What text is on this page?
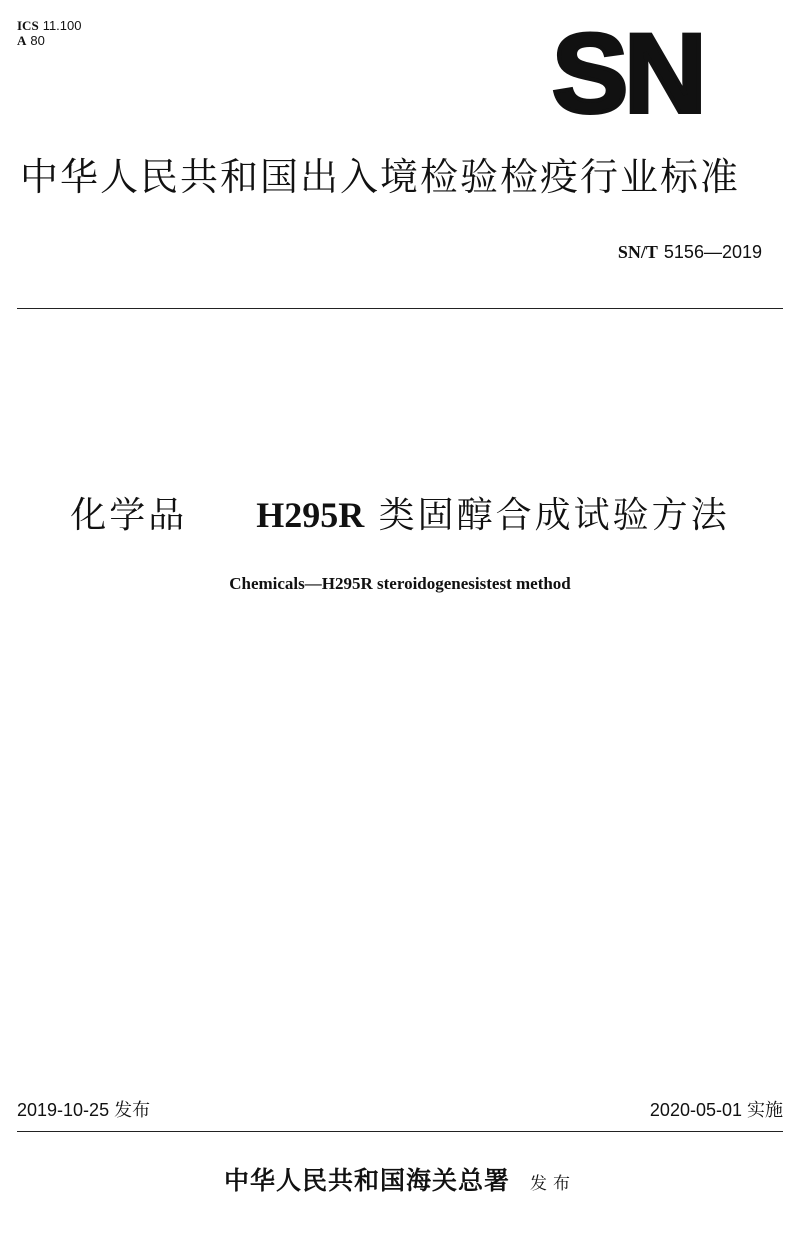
ICS 11.100
A 80	SN
中华人民共和国出入境检验检疫行业标准
SN/T 5156—2019
化学品 H295R 类固醇合成试验方法
Chemicals—H295R steroidogenesistest method
2019-10-25 发布	2020-05-01 实施
中华人民共和国海关总署 发布
